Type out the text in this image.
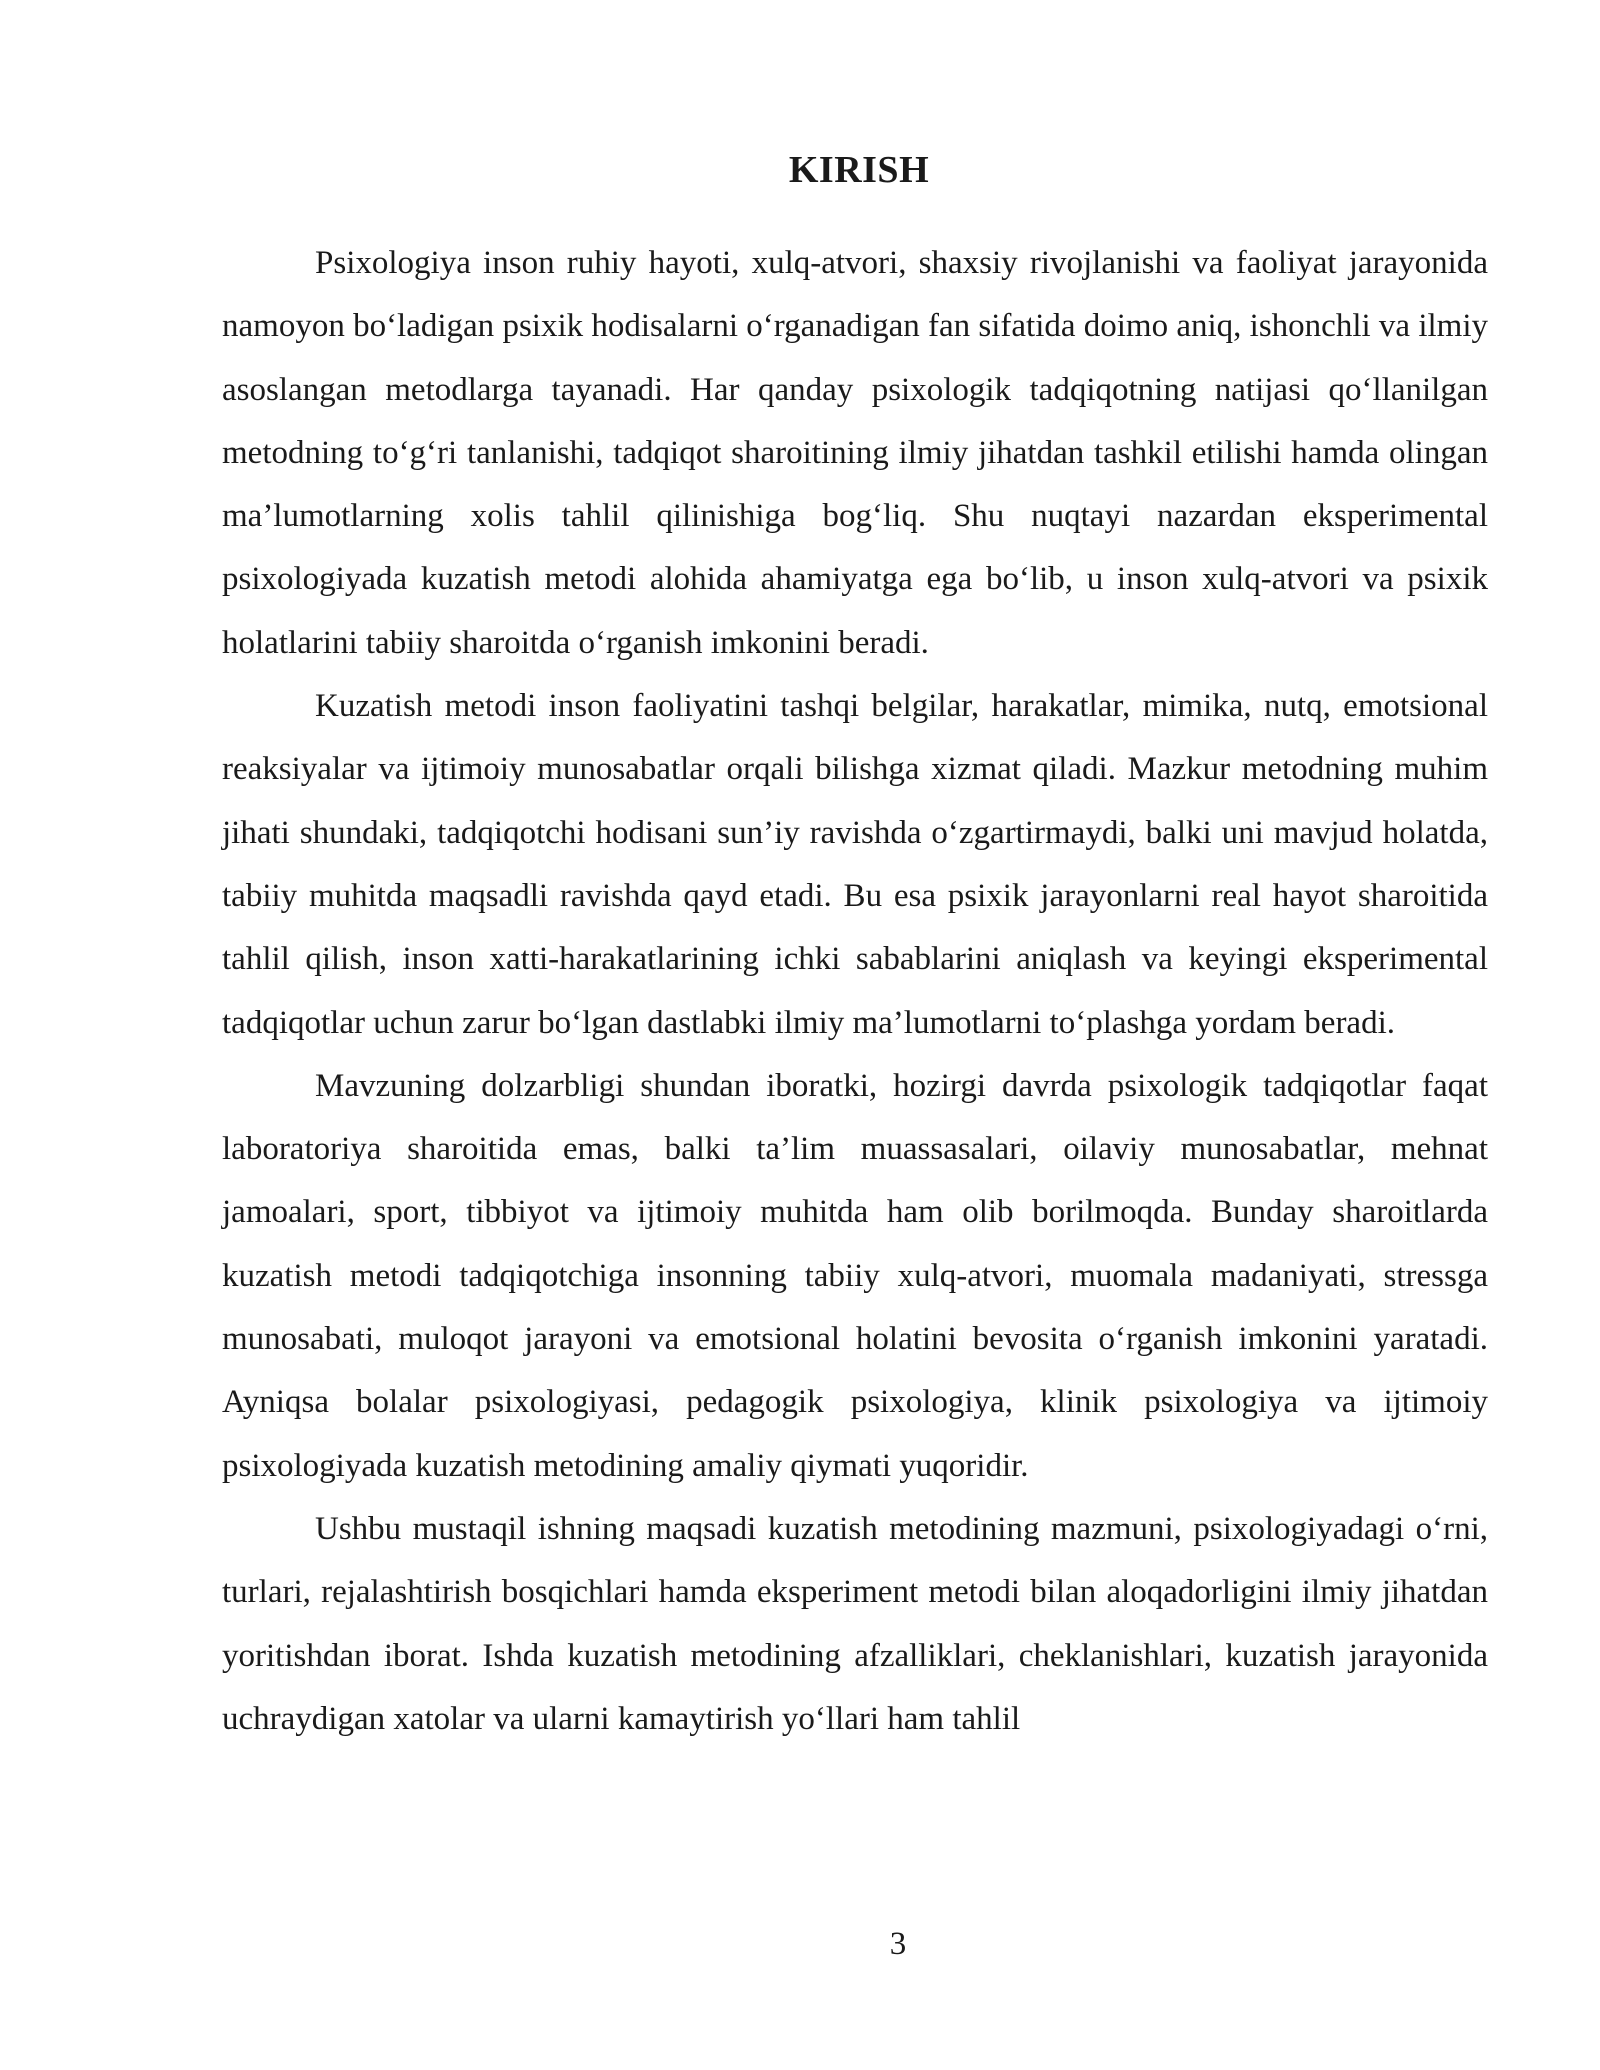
KIRISH

Psixologiya inson ruhiy hayoti, xulq-atvori, shaxsiy rivojlanishi va faoliyat jarayonida namoyon bo‘ladigan psixik hodisalarni o‘rganadigan fan sifatida doimo aniq, ishonchli va ilmiy asoslangan metodlarga tayanadi. Har qanday psixologik tadqiqotning natijasi qo‘llanilgan metodning to‘g‘ri tanlanishi, tadqiqot sharoitining ilmiy jihatdan tashkil etilishi hamda olingan ma’lumotlarning xolis tahlil qilinishiga bog‘liq. Shu nuqtayi nazardan eksperimental psixologiyada kuzatish metodi alohida ahamiyatga ega bo‘lib, u inson xulq-atvori va psixik holatlarini tabiiy sharoitda o‘rganish imkonini beradi.

Kuzatish metodi inson faoliyatini tashqi belgilar, harakatlar, mimika, nutq, emotsional reaksiyalar va ijtimoiy munosabatlar orqali bilishga xizmat qiladi. Mazkur metodning muhim jihati shundaki, tadqiqotchi hodisani sun’iy ravishda o‘zgartirmaydi, balki uni mavjud holatda, tabiiy muhitda maqsadli ravishda qayd etadi. Bu esa psixik jarayonlarni real hayot sharoitida tahlil qilish, inson xatti-harakatlarining ichki sabablarini aniqlash va keyingi eksperimental tadqiqotlar uchun zarur bo‘lgan dastlabki ilmiy ma’lumotlarni to‘plashga yordam beradi.

Mavzuning dolzarbligi shundan iboratki, hozirgi davrda psixologik tadqiqotlar faqat laboratoriya sharoitida emas, balki ta’lim muassasalari, oilaviy munosabatlar, mehnat jamoalari, sport, tibbiyot va ijtimoiy muhitda ham olib borilmoqda. Bunday sharoitlarda kuzatish metodi tadqiqotchiga insonning tabiiy xulq-atvori, muomala madaniyati, stressga munosabati, muloqot jarayoni va emotsional holatini bevosita o‘rganish imkonini yaratadi. Ayniqsa bolalar psixologiyasi, pedagogik psixologiya, klinik psixologiya va ijtimoiy psixologiyada kuzatish metodining amaliy qiymati yuqoridir.

Ushbu mustaqil ishning maqsadi kuzatish metodining mazmuni, psixologiyadagi o‘rni, turlari, rejalashtirish bosqichlari hamda eksperiment metodi bilan aloqadorligini ilmiy jihatdan yoritishdan iborat. Ishda kuzatish metodining afzalliklari, cheklanishlari, kuzatish jarayonida uchraydigan xatolar va ularni kamaytirish yo‘llari ham tahlil

3
